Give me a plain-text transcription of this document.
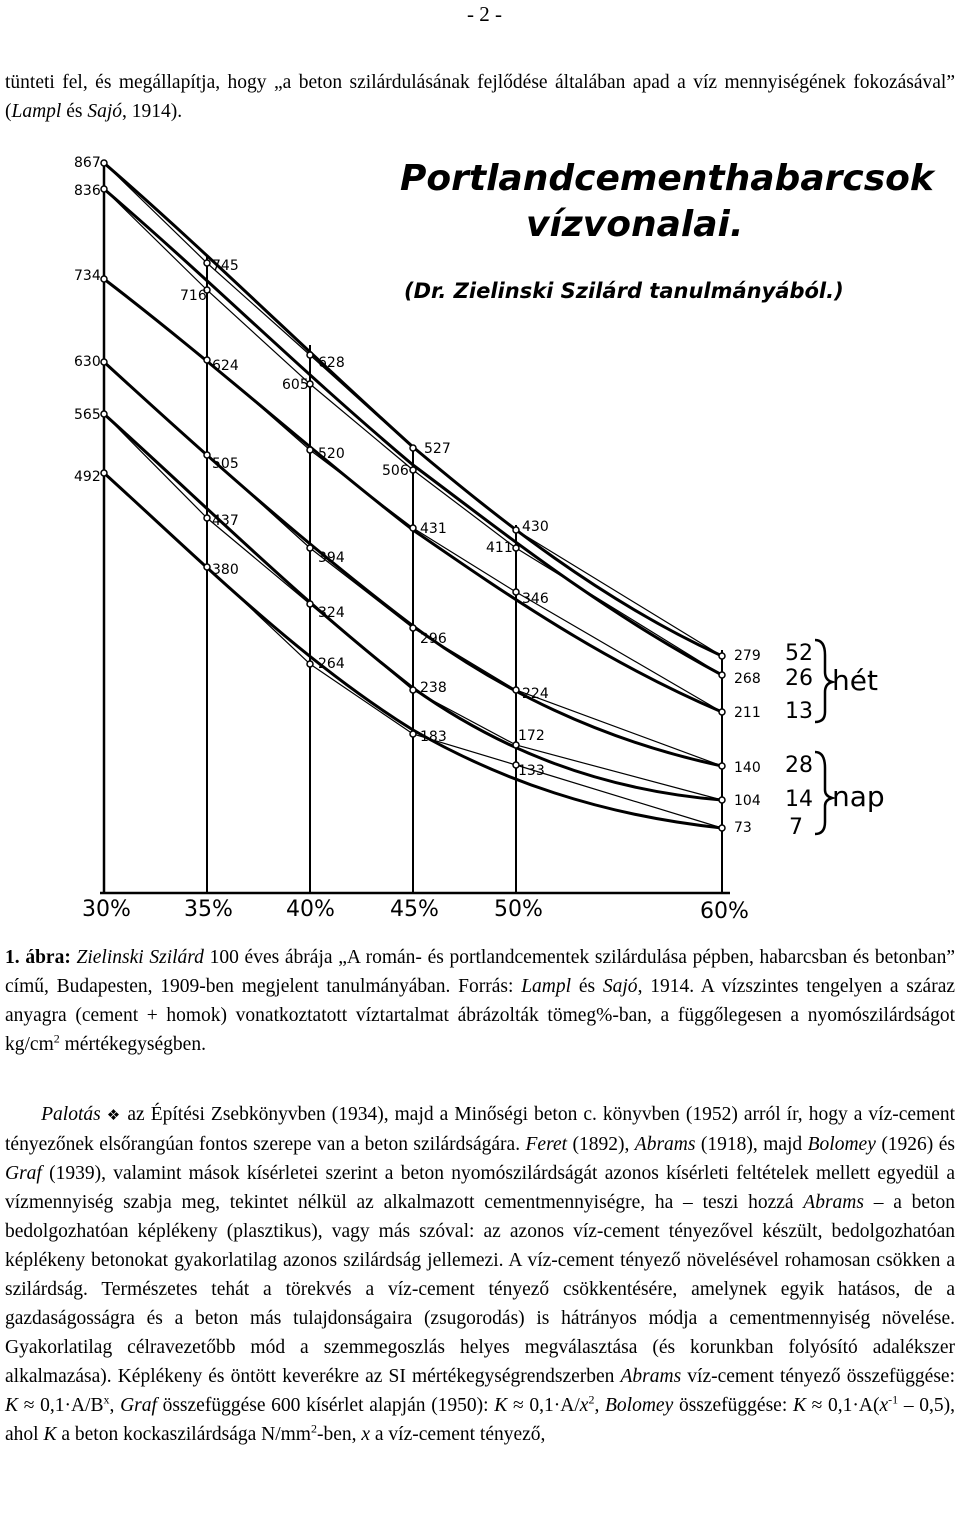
- 2 -

tünteti fel, és megállapítja, hogy „a beton szilárdulásának fejlődése általában apad a víz mennyiségének fokozásával” (Lampl és Sajó, 1914).

Portlandcementhabarcsok
vízvonalai.
(Dr. Zielinski Szilárd tanulmányából.)
867
836
734
630
565
492
745
716
624
505
437
380
628
605
520
394
324
264
527
506
431
296
238
183
430
411
346
224
172
133
279
268
211
140
104
73
52
26
13
28
14
7
hét
nap
30% 35% 40%	45%	50%	60%

1. ábra: Zielinski Szilárd 100 éves ábrája „A román- és portlandcementek szilárdulása pépben, habarcsban és betonban” című, Budapesten, 1909-ben megjelent tanulmányában. Forrás: Lampl és Sajó, 1914. A vízszintes tengelyen a száraz anyagra (cement + homok) vonatkoztatott víztartalmat ábrázolták tömeg%-ban, a függőlegesen a nyomószilárdságot $kg/cm^2$ mértékegységben.

Palotás ❖ az Építési Zsebkönyvben (1934), majd a Minőségi beton c. könyvben (1952) arról ír, hogy a víz-cement tényezőnek elsőrangúan fontos szerepe van a beton szilárdságára. Feret (1892), Abrams (1918), majd Bolomey (1926) és Graf (1939), valamint mások kísérletei szerint a beton nyomószilárdságát azonos kísérleti feltételek mellett egyedül a vízmennyiség szabja meg, tekintet nélkül az alkalmazott cementmennyiségre, ha – teszi hozzá Abrams – a beton bedolgozhatóan képlékeny (plasztikus), vagy más szóval: az azonos víz-cement tényezővel készült, bedolgozhatóan képlékeny betonokat gyakorlatilag azonos szilárdság jellemezi. A víz-cement tényező növelésével rohamosan csökken a szilárdság. Természetes tehát a törekvés a víz-cement tényező csökkentésére, amelynek egyik hatásos, de a gazdaságosságra és a beton más tulajdonságaira (zsugorodás) is hátrányos módja a cementmennyiség növelése. Gyakorlatilag célravezetőbb mód a szemmegoszlás helyes megválasztása (és korunkban folyósító adalékszer alkalmazása). Képlékeny és öntött keverékre az SI mértékegységrendszerben Abrams víz-cement tényező összefüggése: $K \approx 0,1\cdot A/B^x$, Graf összefüggése 600 kísérlet alapján (1950): $K \approx 0,1\cdot A/x^2$, Bolomey összefüggése: $K \approx 0,1\cdot A(x^{-1} - 0,5)$, ahol K a beton kockaszilárdsága $N/mm^2$-ben, x a víz-cement tényező,
